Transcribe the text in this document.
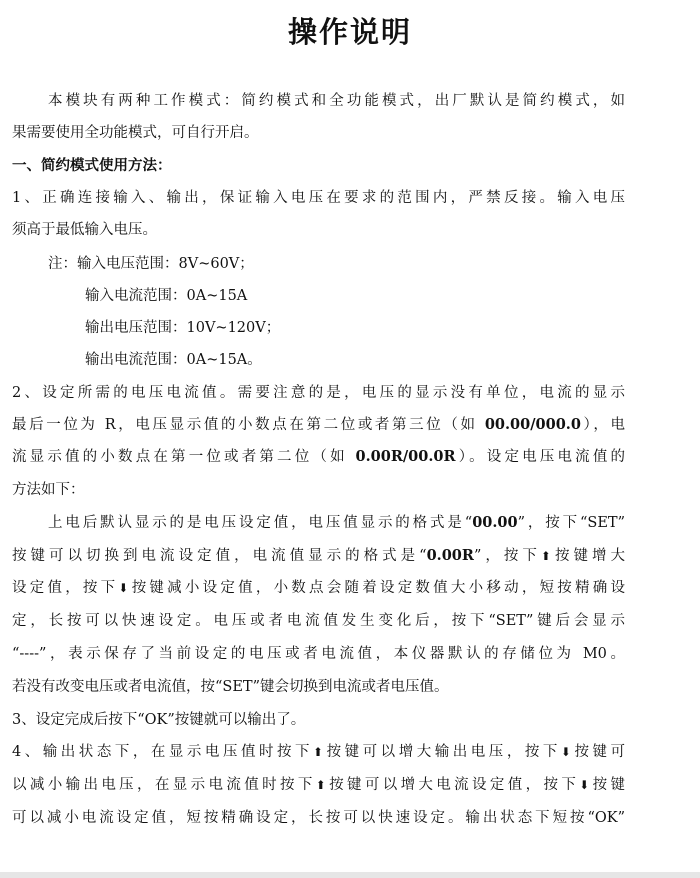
操作说明
本模块有两种工作模式：简约模式和全功能模式，出厂默认是简约模式，如
果需要使用全功能模式，可自行开启。
一、简约模式使用方法：
1、正确连接输入、输出，保证输入电压在要求的范围内，严禁反接。输入电压
须高于最低输入电压。
注：输入电压范围：8V~60V；
输入电流范围：0A~15A
输出电压范围：10V~120V；
输出电流范围：0A~15A。
2、设定所需的电压电流值。需要注意的是，电压的显示没有单位，电流的显示
最后一位为 R，电压显示值的小数点在第二位或者第三位（如 00.00/000.0），电
流显示值的小数点在第一位或者第二位（如 0.00R/00.0R）。设定电压电流值的
方法如下：
上电后默认显示的是电压设定值，电压值显示的格式是“00.00”，按下“SET”
按键可以切换到电流设定值，电流值显示的格式是“0.00R”，按下⬆按键增大
设定值，按下⬇按键减小设定值，小数点会随着设定数值大小移动，短按精确设
定，长按可以快速设定。电压或者电流值发生变化后，按下“SET”键后会显示
“----”，表示保存了当前设定的电压或者电流值，本仪器默认的存储位为 M0。
若没有改变电压或者电流值，按“SET”键会切换到电流或者电压值。
3、设定完成后按下“OK”按键就可以输出了。
4、输出状态下，在显示电压值时按下⬆按键可以增大输出电压，按下⬇按键可
以减小输出电压，在显示电流值时按下⬆按键可以增大电流设定值，按下⬇按键
可以减小电流设定值，短按精确设定，长按可以快速设定。输出状态下短按“OK”
